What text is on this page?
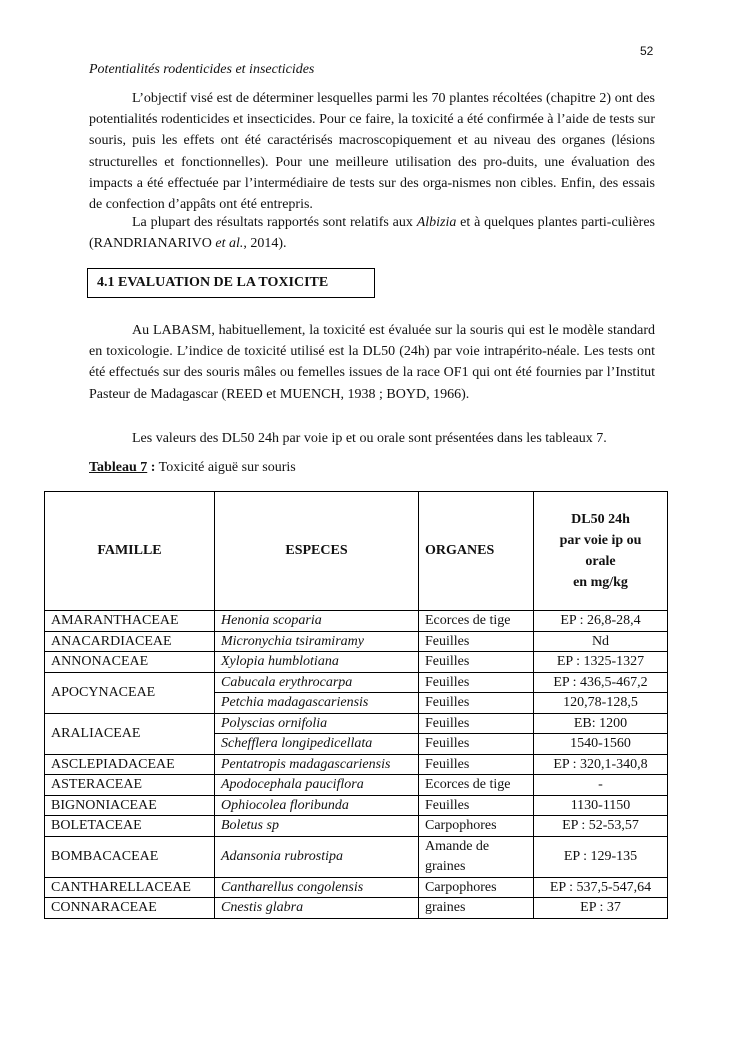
52
Potentialités rodenticides et insecticides

L’objectif visé est de déterminer lesquelles parmi les 70 plantes récoltées (chapitre 2) ont des potentialités rodenticides et insecticides. Pour ce faire, la toxicité a été confirmée à l’aide de tests sur souris, puis les effets ont été caractérisés macroscopiquement et au niveau des organes (lésions structurelles et fonctionnelles). Pour une meilleure utilisation des pro-duits, une évaluation des impacts a été effectuée par l’intermédiaire de tests sur des orga-nismes non cibles. Enfin, des essais de confection d’appâts ont été entrepris.

La plupart des résultats rapportés sont relatifs aux Albizia et à quelques plantes parti-culières (RANDRIANARIVO et al., 2014).

4.1 EVALUATION DE LA TOXICITE

Au LABASM, habituellement, la toxicité est évaluée sur la souris qui est le modèle standard en toxicologie. L’indice de toxicité utilisé est la DL50 (24h) par voie intrapérito-néale. Les tests ont été effectués sur des souris mâles ou femelles issues de la race OF1 qui ont été fournies par l’Institut Pasteur de Madagascar (REED et MUENCH, 1938 ; BOYD, 1966).

Les valeurs des DL50 24h par voie ip et ou orale sont présentées dans les tableaux 7.

Tableau 7 : Toxicité aiguë sur souris
FAMILLE	ESPECES	ORGANES	DL50 24h
par voie ip ou
orale
en mg/kg

AMARANTHACEAE	Henonia scoparia	Ecorces de tige	EP : 26,8-28,4
ANACARDIACEAE	Micronychia tsiramiramy	Feuilles	Nd
ANNONACEAE	Xylopia humblotiana	Feuilles	EP : 1325-1327
APOCYNACEAE	Cabucala erythrocarpa	Feuilles	EP : 436,5-467,2
	Petchia madagascariensis	Feuilles	120,78-128,5
ARALIACEAE	Polyscias ornifolia	Feuilles	EB: 1200
	Schefflera longipedicellata	Feuilles	1540-1560
ASCLEPIADACEAE	Pentatropis madagascariensis	Feuilles	EP : 320,1-340,8
ASTERACEAE	Apodocephala pauciflora	Ecorces de tige	-
BIGNONIACEAE	Ophiocolea floribunda	Feuilles	1130-1150
BOLETACEAE	Boletus sp	Carpophores	EP : 52-53,57
BOMBACACEAE	Adansonia rubrostipa	Amande de graines	EP : 129-135
CANTHARELLACEAE	Cantharellus congolensis	Carpophores	EP : 537,5-547,64
CONNARACEAE	Cnestis glabra	graines	EP : 37
